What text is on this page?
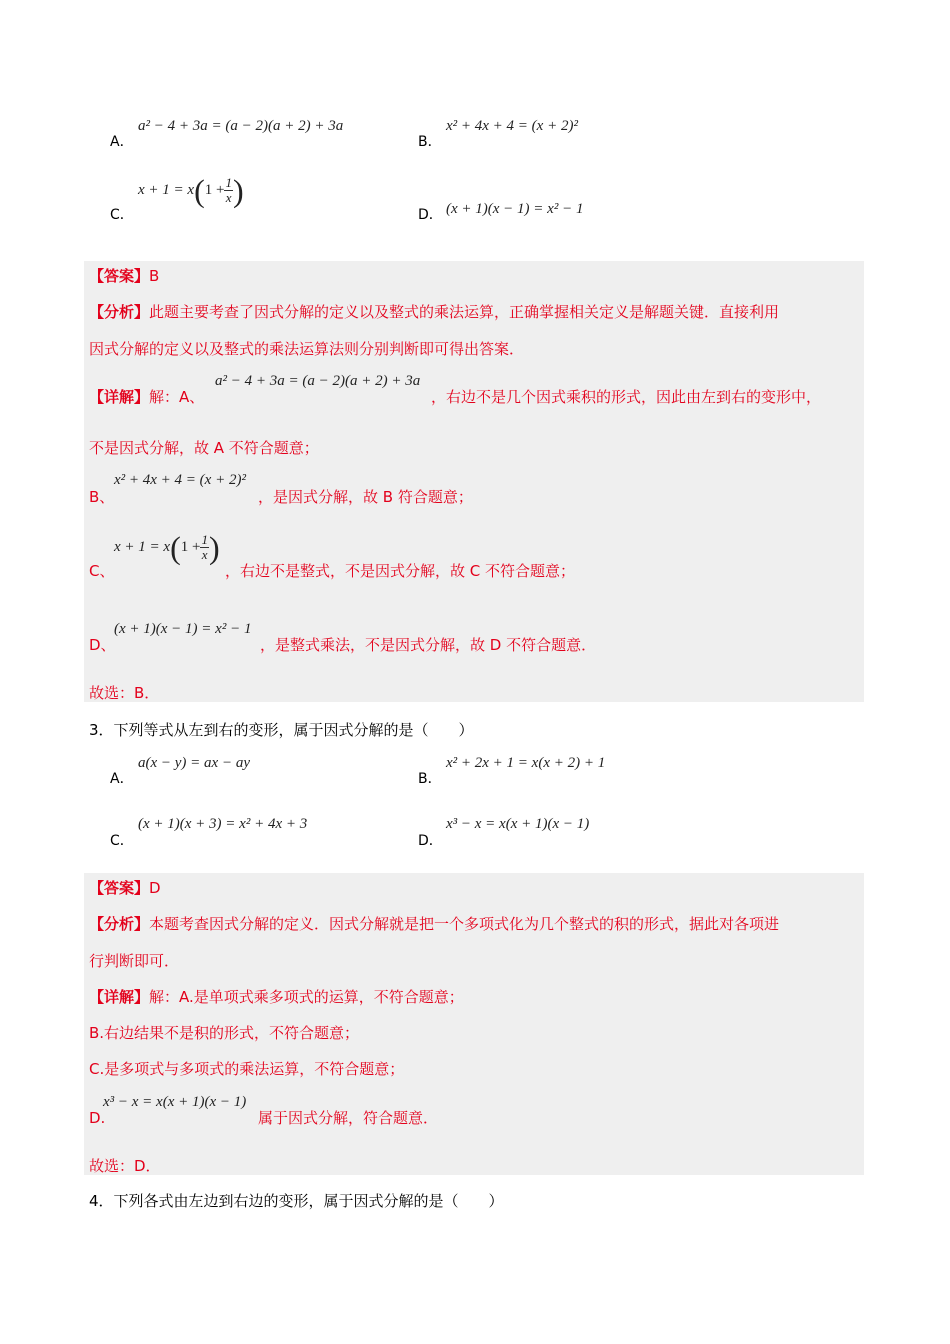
A．
a² − 4 + 3a = (a − 2)(a + 2) + 3a
B．
x² + 4x + 4 = (x + 2)²
C．
$x + 1 = x(1 + \frac{1}{x}$ )
D． (x + 1)(x − 1) = x² − 1
【答案】B
【分析】此题主要考查了因式分解的定义以及整式的乘法运算，正确掌握相关定义是解题关键．直接利用
因式分解的定义以及整式的乘法运算法则分别判断即可得出答案．
【详解】解：A、
a² − 4 + 3a = (a − 2)(a + 2) + 3a
，右边不是几个因式乘积的形式，因此由左到右的变形中，
不是因式分解，故 A 不符合题意；
B、
x² + 4x + 4 = (x + 2)²
，是因式分解，故 B 符合题意；
C、
$x + 1 = x(1 + \frac{1}{x}$ )
，右边不是整式，不是因式分解，故 C 不符合题意；
D、
(x + 1)(x − 1) = x² − 1
，是整式乘法，不是因式分解，故 D 不符合题意．
故选：B．
3．下列等式从左到右的变形，属于因式分解的是（　　）
A．
a(x − y) = ax − ay
B．
x² + 2x + 1 = x(x + 2) + 1
C．
(x + 1)(x + 3) = x² + 4x + 3
D．
x³ − x = x(x + 1)(x − 1)
【答案】D
【分析】本题考查因式分解的定义．因式分解就是把一个多项式化为几个整式的积的形式，据此对各项进
行判断即可．
【详解】解：A.是单项式乘多项式的运算，不符合题意；
B.右边结果不是积的形式，不符合题意；
C.是多项式与多项式的乘法运算，不符合题意；
D.
x³ − x = x(x + 1)(x − 1)
属于因式分解，符合题意．
故选：D．
4．下列各式由左边到右边的变形，属于因式分解的是（　　）
